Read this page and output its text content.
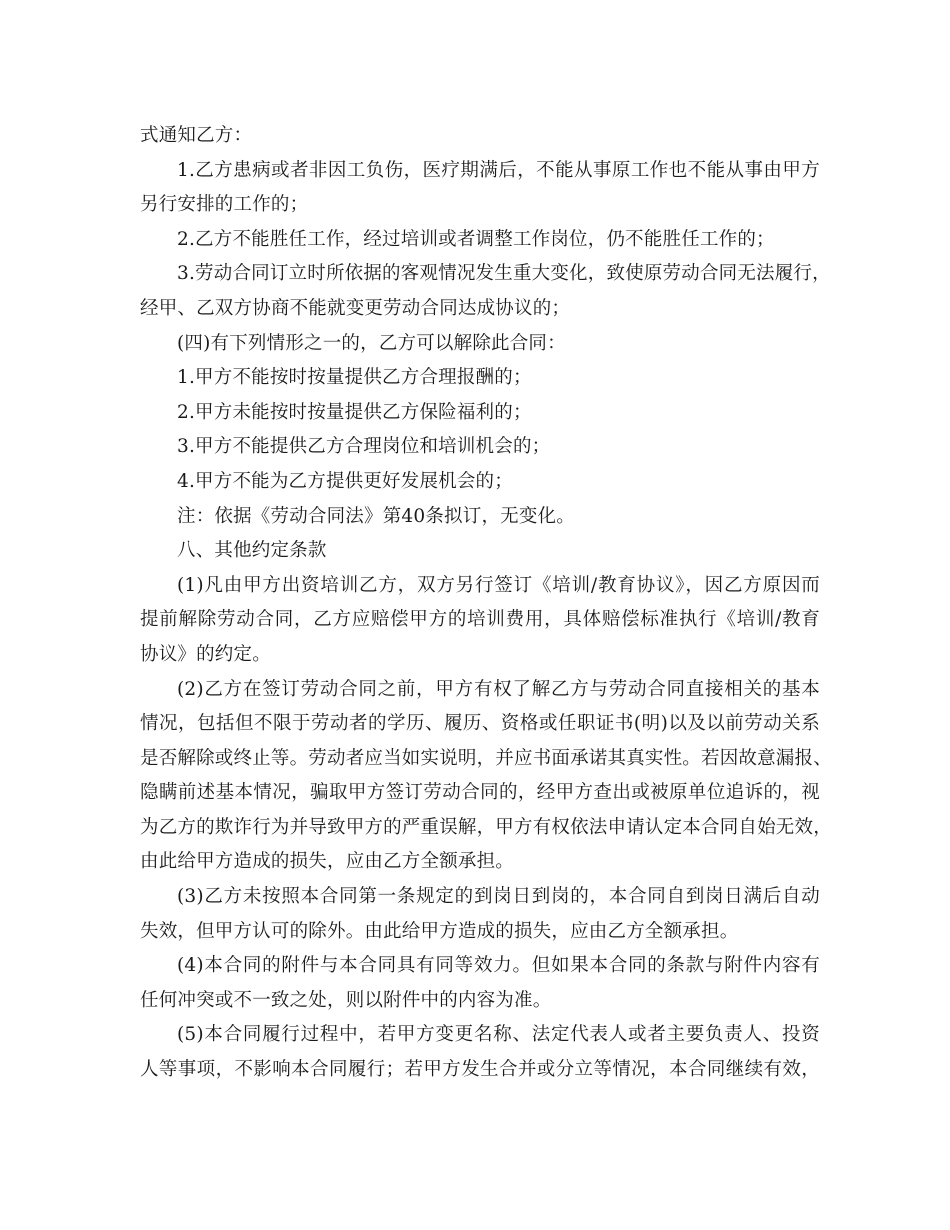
式通知乙方：
1.乙方患病或者非因工负伤，医疗期满后，不能从事原工作也不能从事由甲方
另行安排的工作的；
2.乙方不能胜任工作，经过培训或者调整工作岗位，仍不能胜任工作的；
3.劳动合同订立时所依据的客观情况发生重大变化，致使原劳动合同无法履行，
经甲、乙双方协商不能就变更劳动合同达成协议的；
(四)有下列情形之一的，乙方可以解除此合同：
1.甲方不能按时按量提供乙方合理报酬的；
2.甲方未能按时按量提供乙方保险福利的；
3.甲方不能提供乙方合理岗位和培训机会的；
4.甲方不能为乙方提供更好发展机会的；
注：依据《劳动合同法》第40条拟订，无变化。
八、其他约定条款
(1)凡由甲方出资培训乙方，双方另行签订《培训/教育协议》，因乙方原因而
提前解除劳动合同，乙方应赔偿甲方的培训费用，具体赔偿标准执行《培训/教育
协议》的约定。
(2)乙方在签订劳动合同之前，甲方有权了解乙方与劳动合同直接相关的基本
情况，包括但不限于劳动者的学历、履历、资格或任职证书(明)以及以前劳动关系
是否解除或终止等。劳动者应当如实说明，并应书面承诺其真实性。若因故意漏报、
隐瞒前述基本情况，骗取甲方签订劳动合同的，经甲方查出或被原单位追诉的，视
为乙方的欺诈行为并导致甲方的严重误解，甲方有权依法申请认定本合同自始无效，
由此给甲方造成的损失，应由乙方全额承担。
(3)乙方未按照本合同第一条规定的到岗日到岗的，本合同自到岗日满后自动
失效，但甲方认可的除外。由此给甲方造成的损失，应由乙方全额承担。
(4)本合同的附件与本合同具有同等效力。但如果本合同的条款与附件内容有
任何冲突或不一致之处，则以附件中的内容为准。
(5)本合同履行过程中，若甲方变更名称、法定代表人或者主要负责人、投资
人等事项，不影响本合同履行；若甲方发生合并或分立等情况，本合同继续有效，
